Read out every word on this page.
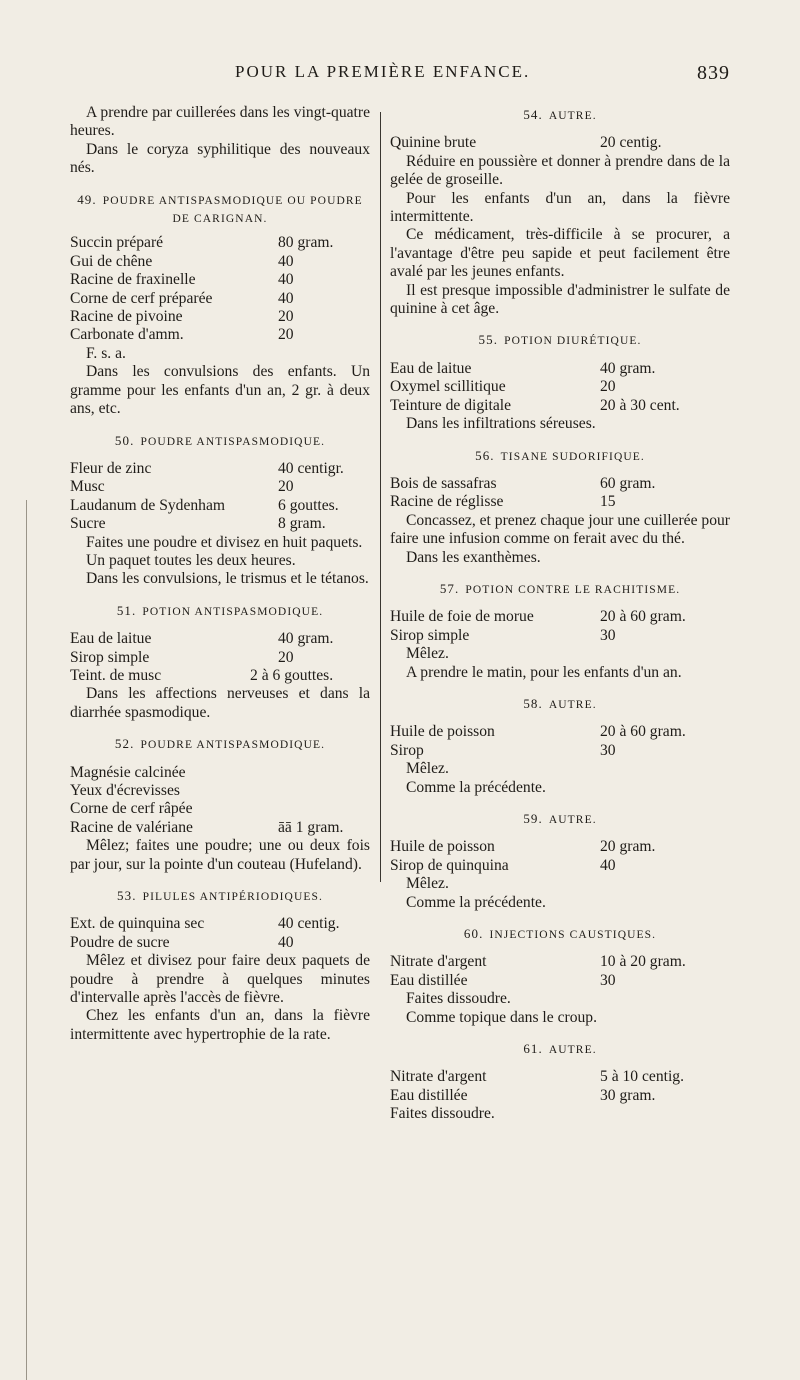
POUR LA PREMIÈRE ENFANCE.	839

A prendre par cuillerées dans les vingt-quatre heures.

Dans le coryza syphilitique des nouveaux nés.

49. POUDRE ANTISPASMODIQUE OU POUDRE DE CARIGNAN.
Succin préparé	80 gram.
Gui de chêne	40
Racine de fraxinelle	40
Corne de cerf préparée	40
Racine de pivoine	20
Carbonate d'amm.	20

F. s. a.

Dans les convulsions des enfants. Un gramme pour les enfants d'un an, 2 gr. à deux ans, etc.

50. POUDRE ANTISPASMODIQUE.
Fleur de zinc	40 centigr.
Musc	20
Laudanum de Sydenham	6 gouttes.
Sucre	8 gram.

Faites une poudre et divisez en huit paquets.

Un paquet toutes les deux heures.

Dans les convulsions, le trismus et le tétanos.

51. POTION ANTISPASMODIQUE.
Eau de laitue	40 gram.
Sirop simple	20
Teint. de musc	2 à 6 gouttes.

Dans les affections nerveuses et dans la diarrhée spasmodique.

52. POUDRE ANTISPASMODIQUE.
Magnésie calcinée
Yeux d'écrevisses
Corne de cerf râpée
Racine de valériane	āā 1 gram.

Mêlez; faites une poudre; une ou deux fois par jour, sur la pointe d'un couteau (Hufeland).

53. PILULES ANTIPÉRIODIQUES.
Ext. de quinquina sec	40 centig.
Poudre de sucre	40

Mêlez et divisez pour faire deux paquets de poudre à prendre à quelques minutes d'intervalle après l'accès de fièvre.

Chez les enfants d'un an, dans la fièvre intermittente avec hypertrophie de la rate.

54. AUTRE.
Quinine brute	20 centig.

Réduire en poussière et donner à prendre dans de la gelée de groseille.

Pour les enfants d'un an, dans la fièvre intermittente.

Ce médicament, très-difficile à se procurer, a l'avantage d'être peu sapide et peut facilement être avalé par les jeunes enfants.

Il est presque impossible d'administrer le sulfate de quinine à cet âge.

55. POTION DIURÉTIQUE.
Eau de laitue	40 gram.
Oxymel scillitique	20
Teinture de digitale	20 à 30 cent.

Dans les infiltrations séreuses.

56. TISANE SUDORIFIQUE.
Bois de sassafras	60 gram.
Racine de réglisse	15

Concassez, et prenez chaque jour une cuillerée pour faire une infusion comme on ferait avec du thé.

Dans les exanthèmes.

57. POTION CONTRE LE RACHITISME.
Huile de foie de morue	20 à 60 gram.
Sirop simple	30

Mêlez.

A prendre le matin, pour les enfants d'un an.

58. AUTRE.
Huile de poisson	20 à 60 gram.
Sirop	30

Mêlez.

Comme la précédente.

59. AUTRE.
Huile de poisson	20 gram.
Sirop de quinquina	40

Mêlez.

Comme la précédente.

60. INJECTIONS CAUSTIQUES.
Nitrate d'argent	10 à 20 gram.
Eau distillée	30

Faites dissoudre.

Comme topique dans le croup.

61. AUTRE.
Nitrate d'argent	5 à 10 centig.
Eau distillée	30 gram.

Faites dissoudre.
